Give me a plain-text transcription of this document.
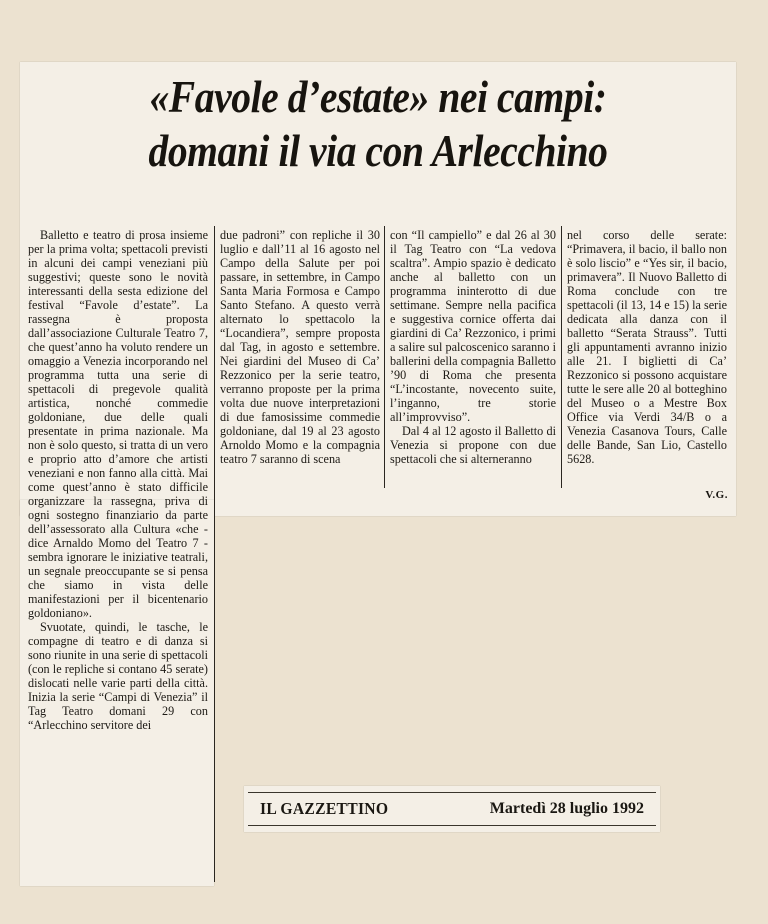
«Favole d’estate» nei campi:
domani il via con Arlecchino

Balletto e teatro di prosa insieme per la prima volta; spettacoli previsti in alcuni dei campi veneziani più suggestivi; queste sono le novità interessanti della sesta edizione del festival “Favole d’estate”. La rassegna è proposta dall’associazione Culturale Teatro 7, che quest’anno ha voluto rendere un omaggio a Venezia incorporando nel programma tutta una serie di spettacoli di pregevole qualità artistica, nonché commedie goldoniane, due delle quali presentate in prima nazionale. Ma non è solo questo, si tratta di un vero e proprio atto d’amore che artisti veneziani e non fanno alla città. Mai come quest’anno è stato difficile organizzare la rassegna, priva di ogni sostegno finanziario da parte dell’assessorato alla Cultura «che - dice Arnaldo Momo del Teatro 7 - sembra ignorare le iniziative teatrali, un segnale preoccupante se si pensa che siamo in vista delle manifestazioni per il bicentenario goldoniano».

Svuotate, quindi, le tasche, le compagne di teatro e di danza si sono riunite in una serie di spettacoli (con le repliche si contano 45 serate) dislocati nelle varie parti della città. Inizia la serie “Campi di Venezia” il Tag Teatro domani 29 con “Arlecchino servitore dei

due padroni” con repliche il 30 luglio e dall’11 al 16 agosto nel Campo della Salute per poi passare, in settembre, in Campo Santa Maria Formosa e Campo Santo Stefano. A questo verrà alternato lo spettacolo la “Locandiera”, sempre proposta dal Tag, in agosto e settembre. Nei giardini del Museo di Ca’ Rezzonico per la serie teatro, verranno proposte per la prima volta due nuove interpretazioni di due famosissime commedie goldoniane, dal 19 al 23 agosto Arnoldo Momo e la compagnia teatro 7 saranno di scena

con “Il campiello” e dal 26 al 30 il Tag Teatro con “La vedova scaltra”. Ampio spazio è dedicato anche al balletto con un programma ininterotto di due settimane. Sempre nella pacifica e suggestiva cornice offerta dai giardini di Ca’ Rezzonico, i primi a salire sul palcoscenico saranno i ballerini della compagnia Balletto ’90 di Roma che presenta “L’incostante, novecento suite, l’inganno, tre storie all’improvviso”.

Dal 4 al 12 agosto il Balletto di Venezia si propone con due spettacoli che si alterneranno

nel corso delle serate: “Primavera, il bacio, il ballo non è solo liscio” e “Yes sir, il bacio, primavera”. Il Nuovo Balletto di Roma conclude con tre spettacoli (il 13, 14 e 15) la serie dedicata alla danza con il balletto “Serata Strauss”. Tutti gli appuntamenti avranno inizio alle 21. I biglietti di Ca’ Rezzonico si possono acquistare tutte le sere alle 20 al botteghino del Museo o a Mestre Box Office via Verdi 34/B o a Venezia Casanova Tours, Calle delle Bande, San Lio, Castello 5628.

V.G.
IL GAZZETTINO	Martedì 28 luglio 1992
